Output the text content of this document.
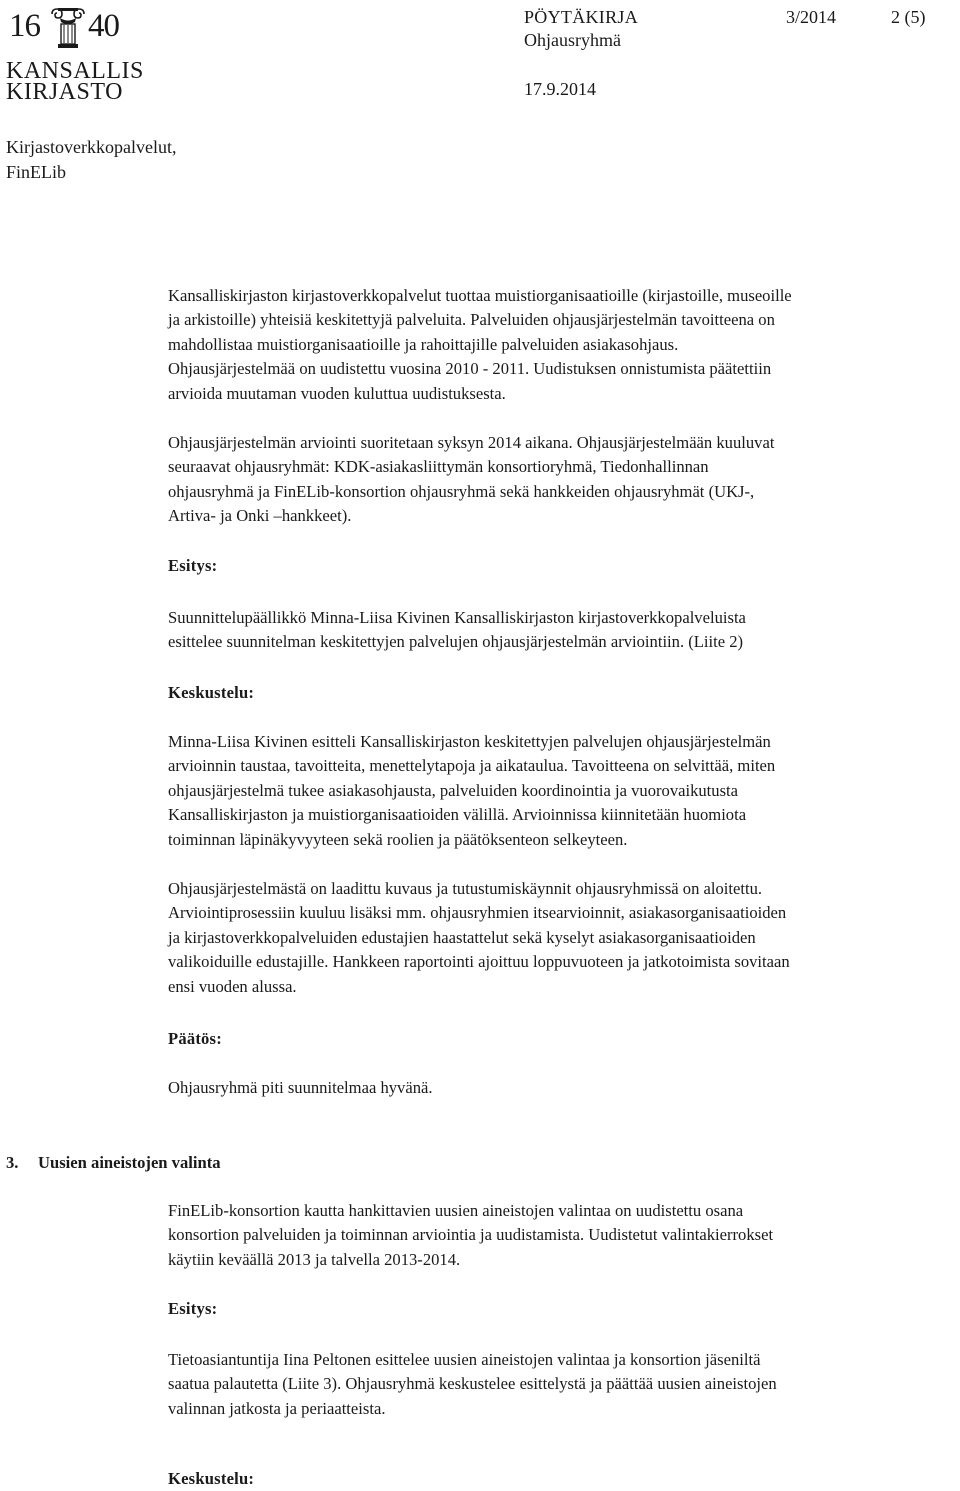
16 40
KANSALLIS
KIRJASTO
PÖYTÄKIRJA	3/2014	2 (5)
Ohjausryhmä
17.9.2014
Kirjastoverkkopalvelut,
FinELib

Kansalliskirjaston kirjastoverkkopalvelut tuottaa muistiorganisaatioille (kirjastoille, museoille
ja arkistoille) yhteisiä keskitettyjä palveluita. Palveluiden ohjausjärjestelmän tavoitteena on
mahdollistaa muistiorganisaatioille ja rahoittajille palveluiden asiakasohjaus.
Ohjausjärjestelmää on uudistettu vuosina 2010 - 2011. Uudistuksen onnistumista päätettiin
arvioida muutaman vuoden kuluttua uudistuksesta.

Ohjausjärjestelmän arviointi suoritetaan syksyn 2014 aikana. Ohjausjärjestelmään kuuluvat
seuraavat ohjausryhmät: KDK-asiakasliittymän konsortioryhmä, Tiedonhallinnan
ohjausryhmä ja FinELib-konsortion ohjausryhmä sekä hankkeiden ohjausryhmät (UKJ-,
Artiva- ja Onki –hankkeet).

Esitys:

Suunnittelupäällikkö Minna-Liisa Kivinen Kansalliskirjaston kirjastoverkkopalveluista
esittelee suunnitelman keskitettyjen palvelujen ohjausjärjestelmän arviointiin. (Liite 2)

Keskustelu:

Minna-Liisa Kivinen esitteli Kansalliskirjaston keskitettyjen palvelujen ohjausjärjestelmän
arvioinnin taustaa, tavoitteita, menettelytapoja ja aikataulua. Tavoitteena on selvittää, miten
ohjausjärjestelmä tukee asiakasohjausta, palveluiden koordinointia ja vuorovaikutusta
Kansalliskirjaston ja muistiorganisaatioiden välillä. Arvioinnissa kiinnitetään huomiota
toiminnan läpinäkyvyyteen sekä roolien ja päätöksenteon selkeyteen.

Ohjausjärjestelmästä on laadittu kuvaus ja tutustumiskäynnit ohjausryhmissä on aloitettu.
Arviointiprosessiin kuuluu lisäksi mm. ohjausryhmien itsearvioinnit, asiakasorganisaatioiden
ja kirjastoverkkopalveluiden edustajien haastattelut sekä kyselyt asiakasorganisaatioiden
valikoiduille edustajille. Hankkeen raportointi ajoittuu loppuvuoteen ja jatkotoimista sovitaan
ensi vuoden alussa.

Päätös:

Ohjausryhmä piti suunnitelmaa hyvänä.

3. Uusien aineistojen valinta

FinELib-konsortion kautta hankittavien uusien aineistojen valintaa on uudistettu osana
konsortion palveluiden ja toiminnan arviointia ja uudistamista. Uudistetut valintakierrokset
käytiin keväällä 2013 ja talvella 2013-2014.

Esitys:

Tietoasiantuntija Iina Peltonen esittelee uusien aineistojen valintaa ja konsortion jäseniltä
saatua palautetta (Liite 3). Ohjausryhmä keskustelee esittelystä ja päättää uusien aineistojen
valinnan jatkosta ja periaatteista.

Keskustelu:
